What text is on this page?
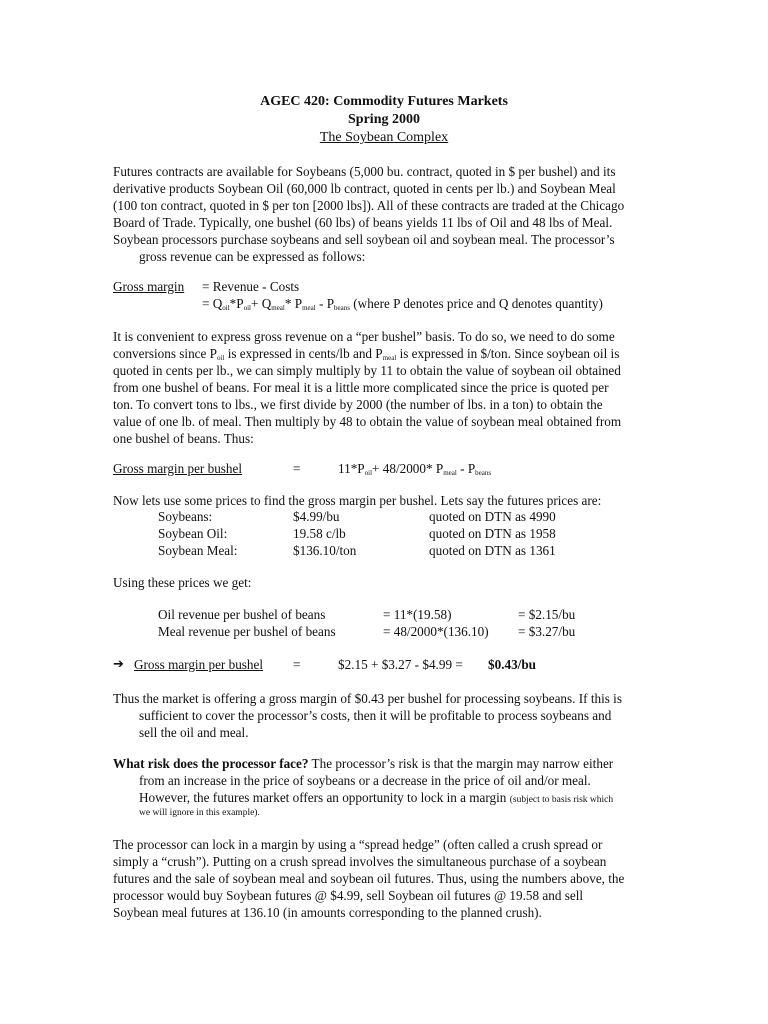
AGEC 420: Commodity Futures Markets
Spring 2000
The Soybean Complex
Futures contracts are available for Soybeans (5,000 bu. contract, quoted in $ per bushel) and its
derivative products Soybean Oil (60,000 lb contract, quoted in cents per lb.) and Soybean Meal
(100 ton contract, quoted in $ per ton [2000 lbs]). All of these contracts are traded at the Chicago
Board of Trade. Typically, one bushel (60 lbs) of beans yields 11 lbs of Oil and 48 lbs of Meal.
Soybean processors purchase soybeans and sell soybean oil and soybean meal. The processor’s
gross revenue can be expressed as follows:
Gross margin = Revenue - Costs
= $Q_{oil}*P_{oil}+ Q_{meal}*$ $P_{meal} - P_{beans}$ (where P denotes price and Q denotes quantity)
It is convenient to express gross revenue on a “per bushel” basis. To do so, we need to do some
conversions since $P_{oil}$ is expressed in cents/lb and $P_{meal}$ is expressed in $/ton. Since soybean oil is
quoted in cents per lb., we can simply multiply by 11 to obtain the value of soybean oil obtained
from one bushel of beans. For meal it is a little more complicated since the price is quoted per
ton. To convert tons to lbs., we first divide by 2000 (the number of lbs. in a ton) to obtain the
value of one lb. of meal. Then multiply by 48 to obtain the value of soybean meal obtained from
one bushel of beans. Thus:
Gross margin per bushel	=	$11*P_{oil}+ 48/2000*$ $P_{meal} - P_{beans}$
Now lets use some prices to find the gross margin per bushel. Lets say the futures prices are:
Soybeans:	$4.99/bu	quoted on DTN as 4990
Soybean Oil:	19.58 c/lb	quoted on DTN as 1958
Soybean Meal:	$136.10/ton	quoted on DTN as 1361
Using these prices we get:
Oil revenue per bushel of beans	= 11*(19.58)	= $2.15/bu
Meal revenue per bushel of beans	= 48/2000*(136.10) = $3.27/bu
➔ Gross margin per bushel =	$2.15 + $3.27 - $4.99 = $0.43/bu
Thus the market is offering a gross margin of $0.43 per bushel for processing soybeans. If this is
sufficient to cover the processor’s costs, then it will be profitable to process soybeans and
sell the oil and meal.
What risk does the processor face? The processor’s risk is that the margin may narrow either
from an increase in the price of soybeans or a decrease in the price of oil and/or meal.
However, the futures market offers an opportunity to lock in a margin (subject to basis risk which
we will ignore in this example).
The processor can lock in a margin by using a “spread hedge” (often called a crush spread or
simply a “crush”). Putting on a crush spread involves the simultaneous purchase of a soybean
futures and the sale of soybean meal and soybean oil futures. Thus, using the numbers above, the
processor would buy Soybean futures @ $4.99, sell Soybean oil futures @ 19.58 and sell
Soybean meal futures at 136.10 (in amounts corresponding to the planned crush).
